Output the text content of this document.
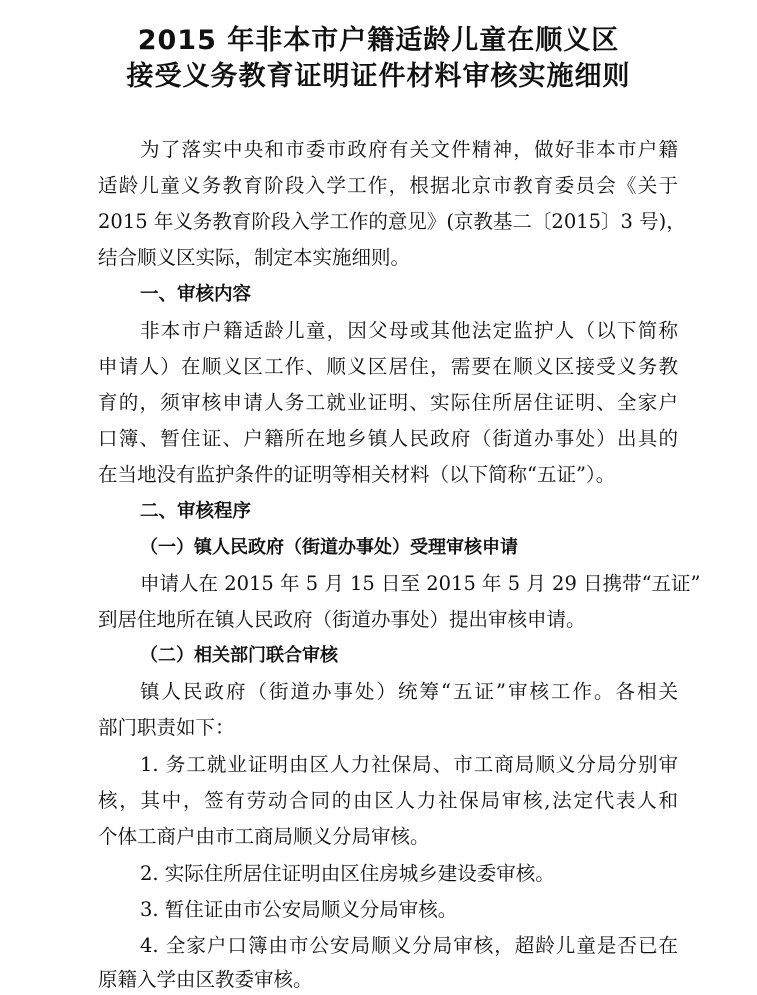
2015 年非本市户籍适龄儿童在顺义区
接受义务教育证明证件材料审核实施细则
为了落实中央和市委市政府有关文件精神，做好非本市户籍
适龄儿童义务教育阶段入学工作，根据北京市教育委员会《关于
2015 年义务教育阶段入学工作的意见》(京教基二〔2015〕3 号)，
结合顺义区实际，制定本实施细则。
一、审核内容
非本市户籍适龄儿童，因父母或其他法定监护人（以下简称
申请人）在顺义区工作、顺义区居住，需要在顺义区接受义务教
育的，须审核申请人务工就业证明、实际住所居住证明、全家户
口簿、暂住证、户籍所在地乡镇人民政府（街道办事处）出具的
在当地没有监护条件的证明等相关材料（以下简称“五证”）。
二、审核程序
（一）镇人民政府（街道办事处）受理审核申请
申请人在 2015 年 5 月 15 日至 2015 年 5 月 29 日携带“五证”
到居住地所在镇人民政府（街道办事处）提出审核申请。
（二）相关部门联合审核
镇人民政府（街道办事处）统筹“五证”审核工作。各相关
部门职责如下：
1. 务工就业证明由区人力社保局、市工商局顺义分局分别审
核，其中，签有劳动合同的由区人力社保局审核,法定代表人和
个体工商户由市工商局顺义分局审核。
2. 实际住所居住证明由区住房城乡建设委审核。
3. 暂住证由市公安局顺义分局审核。
4. 全家户口簿由市公安局顺义分局审核，超龄儿童是否已在
原籍入学由区教委审核。
